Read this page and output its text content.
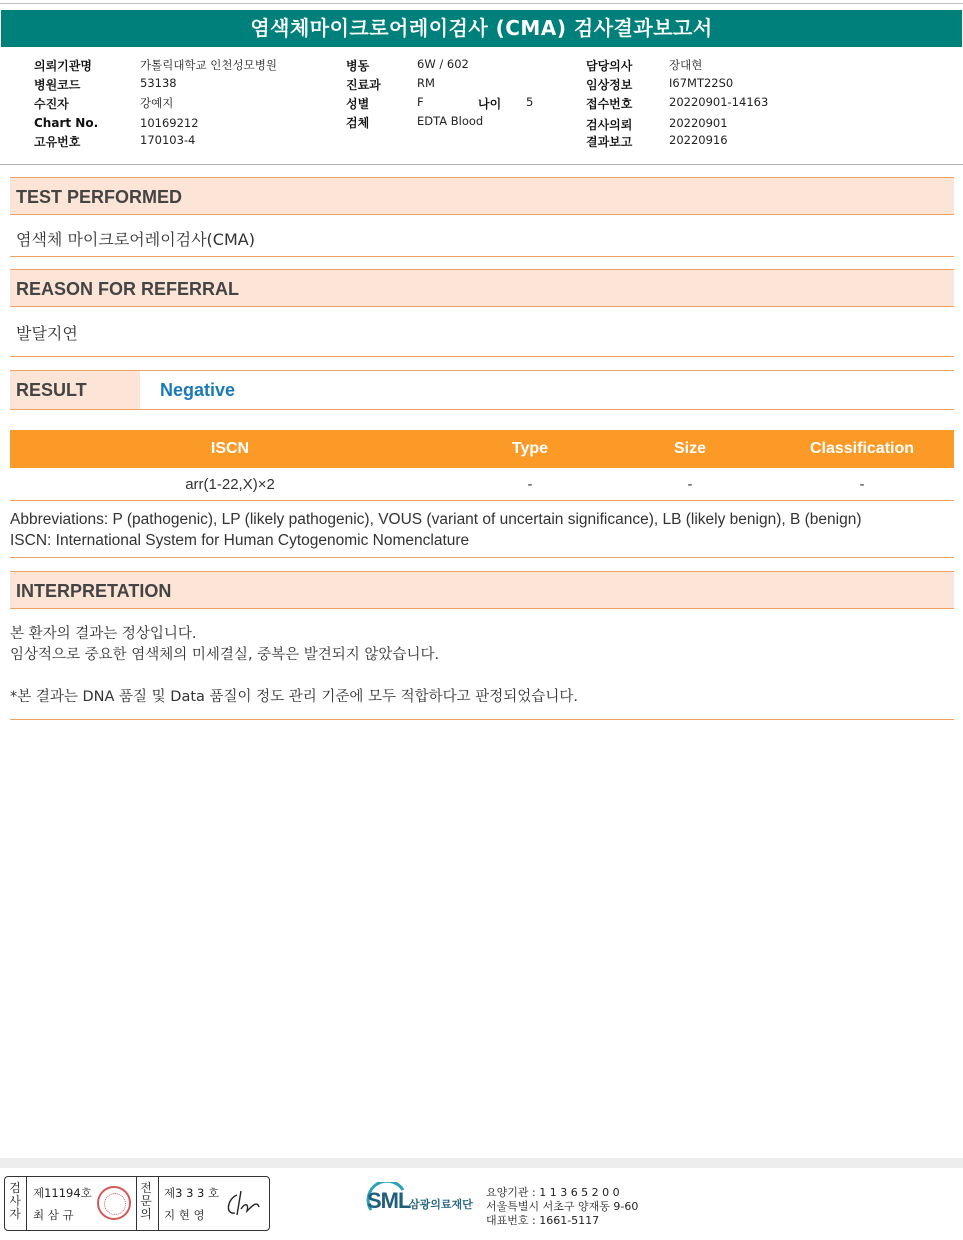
염색체마이크로어레이검사 (CMA) 검사결과보고서
의뢰기관명	가톨릭대학교 인천성모병원
병원코드	53138
수진자	강예지
Chart No.	10169212
고유번호	170103-4
병동	6W / 602
진료과	RM
성별	F	나이 5
검체	EDTA Blood
담당의사	장대현
임상정보	I67MT22S0
접수번호	20220901-14163
검사의뢰	20220901
결과보고	20220916
TEST PERFORMED
염색체 마이크로어레이검사(CMA)
REASON FOR REFERRAL
발달지연
RESULT	Negative
ISCN	Type	Size	Classification
arr(1-22,X)×2	-	-	-
Abbreviations: P (pathogenic), LP (likely pathogenic), VOUS (variant of uncertain significance), LB (likely benign), B (benign)
ISCN: International System for Human Cytogenomic Nomenclature
INTERPRETATION
본 환자의 결과는 정상입니다.
임상적으로 중요한 염색체의 미세결실, 중복은 발견되지 않았습니다.
*본 결과는 DNA 품질 및 Data 품질이 정도 관리 기준에 모두 적합하다고 판정되었습니다.
검
사
자
제11194호
최 삼 규
전
문
의
제3 3 3 호
지 현 영
SML
삼광의료재단
요양기관 : 1 1 3 6 5 2 0 0
서울특별시 서초구 양재동 9-60
대표번호 : 1661-5117
